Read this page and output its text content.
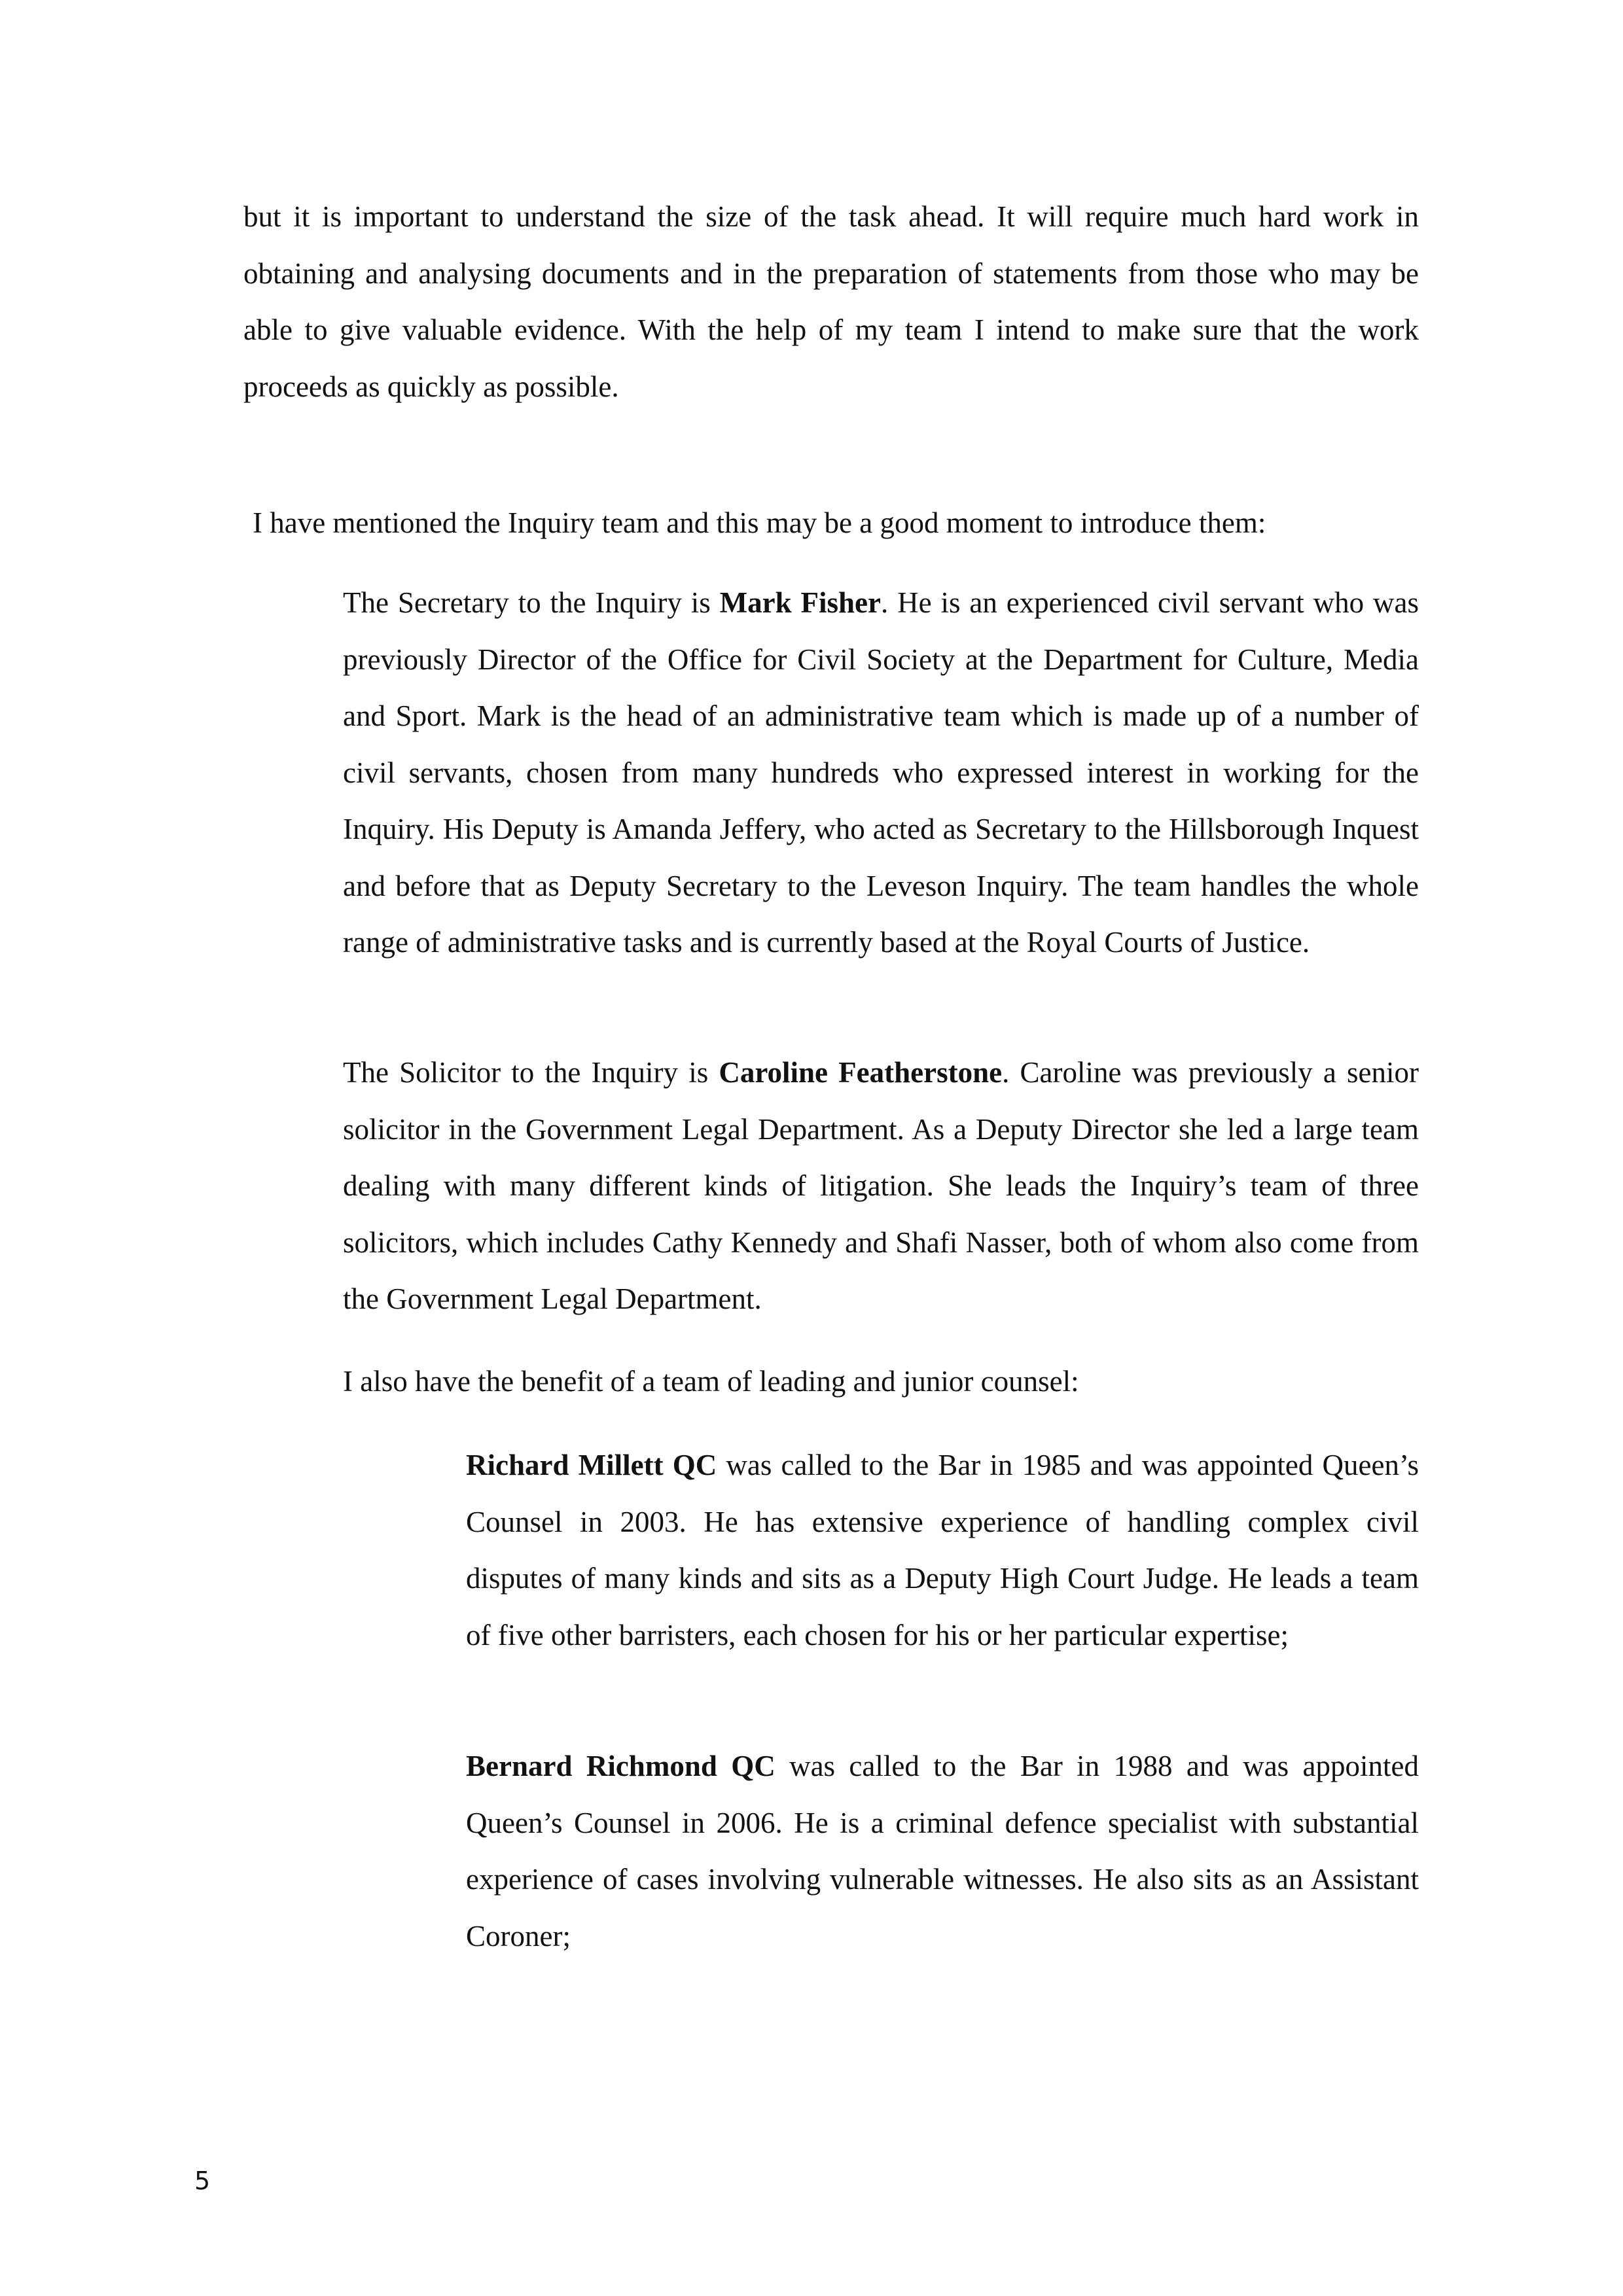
but it is important to understand the size of the task ahead. It will require much hard work in obtaining and analysing documents and in the preparation of statements from those who may be able to give valuable evidence. With the help of my team I intend to make sure that the work proceeds as quickly as possible.

I have mentioned the Inquiry team and this may be a good moment to introduce them:

The Secretary to the Inquiry is Mark Fisher. He is an experienced civil servant who was previously Director of the Office for Civil Society at the Department for Culture, Media and Sport. Mark is the head of an administrative team which is made up of a number of civil servants, chosen from many hundreds who expressed interest in working for the Inquiry. His Deputy is Amanda Jeffery, who acted as Secretary to the Hillsborough Inquest and before that as Deputy Secretary to the Leveson Inquiry. The team handles the whole range of administrative tasks and is currently based at the Royal Courts of Justice.

The Solicitor to the Inquiry is Caroline Featherstone. Caroline was previously a senior solicitor in the Government Legal Department. As a Deputy Director she led a large team dealing with many different kinds of litigation. She leads the Inquiry’s team of three solicitors, which includes Cathy Kennedy and Shafi Nasser, both of whom also come from the Government Legal Department.

I also have the benefit of a team of leading and junior counsel:

Richard Millett QC was called to the Bar in 1985 and was appointed Queen’s Counsel in 2003. He has extensive experience of handling complex civil disputes of many kinds and sits as a Deputy High Court Judge. He leads a team of five other barristers, each chosen for his or her particular expertise;

Bernard Richmond QC was called to the Bar in 1988 and was appointed Queen’s Counsel in 2006. He is a criminal defence specialist with substantial experience of cases involving vulnerable witnesses. He also sits as an Assistant Coroner;

5
